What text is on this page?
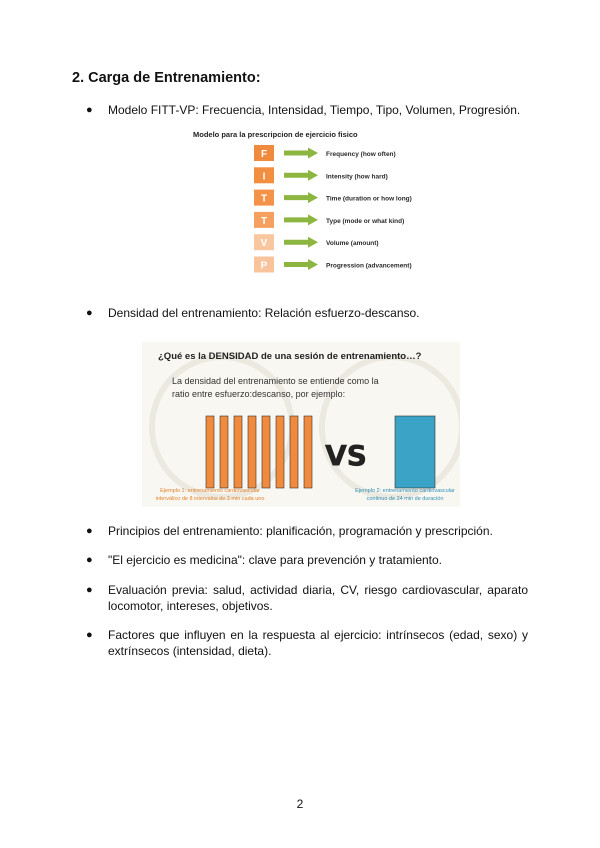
2. Carga de Entrenamiento:
● Modelo FITT-VP: Frecuencia, Intensidad, Tiempo, Tipo, Volumen, Progresión.
Modelo para la prescripcion de ejercicio fisico
F	Frequency (how often)
I	Intensity (how hard)
T	Time (duration or how long)
T	Type (mode or what kind)
V	Volume (amount)
P	Progression (advancement)
● Densidad del entrenamiento: Relación esfuerzo-descanso.
¿Qué es la DENSIDAD de una sesión de entrenamiento…?
La densidad del entrenamiento se entiende como la
ratio entre esfuerzo:descanso, por ejemplo:
VS
Ejemplo 1: entrenamiento cardiovascular
interválico de 8 intervalos de 3 min cada uno
Ejemplo 2: entrenamiento cardiovascular
continuo de 24 min de duración
● Principios del entrenamiento: planificación, programación y prescripción.
● "El ejercicio es medicina": clave para prevención y tratamiento.
● Evaluación previa: salud, actividad diaria, CV, riesgo cardiovascular, aparato locomotor, intereses, objetivos.
● Factores que influyen en la respuesta al ejercicio: intrínsecos (edad, sexo) y extrínsecos (intensidad, dieta).
2
